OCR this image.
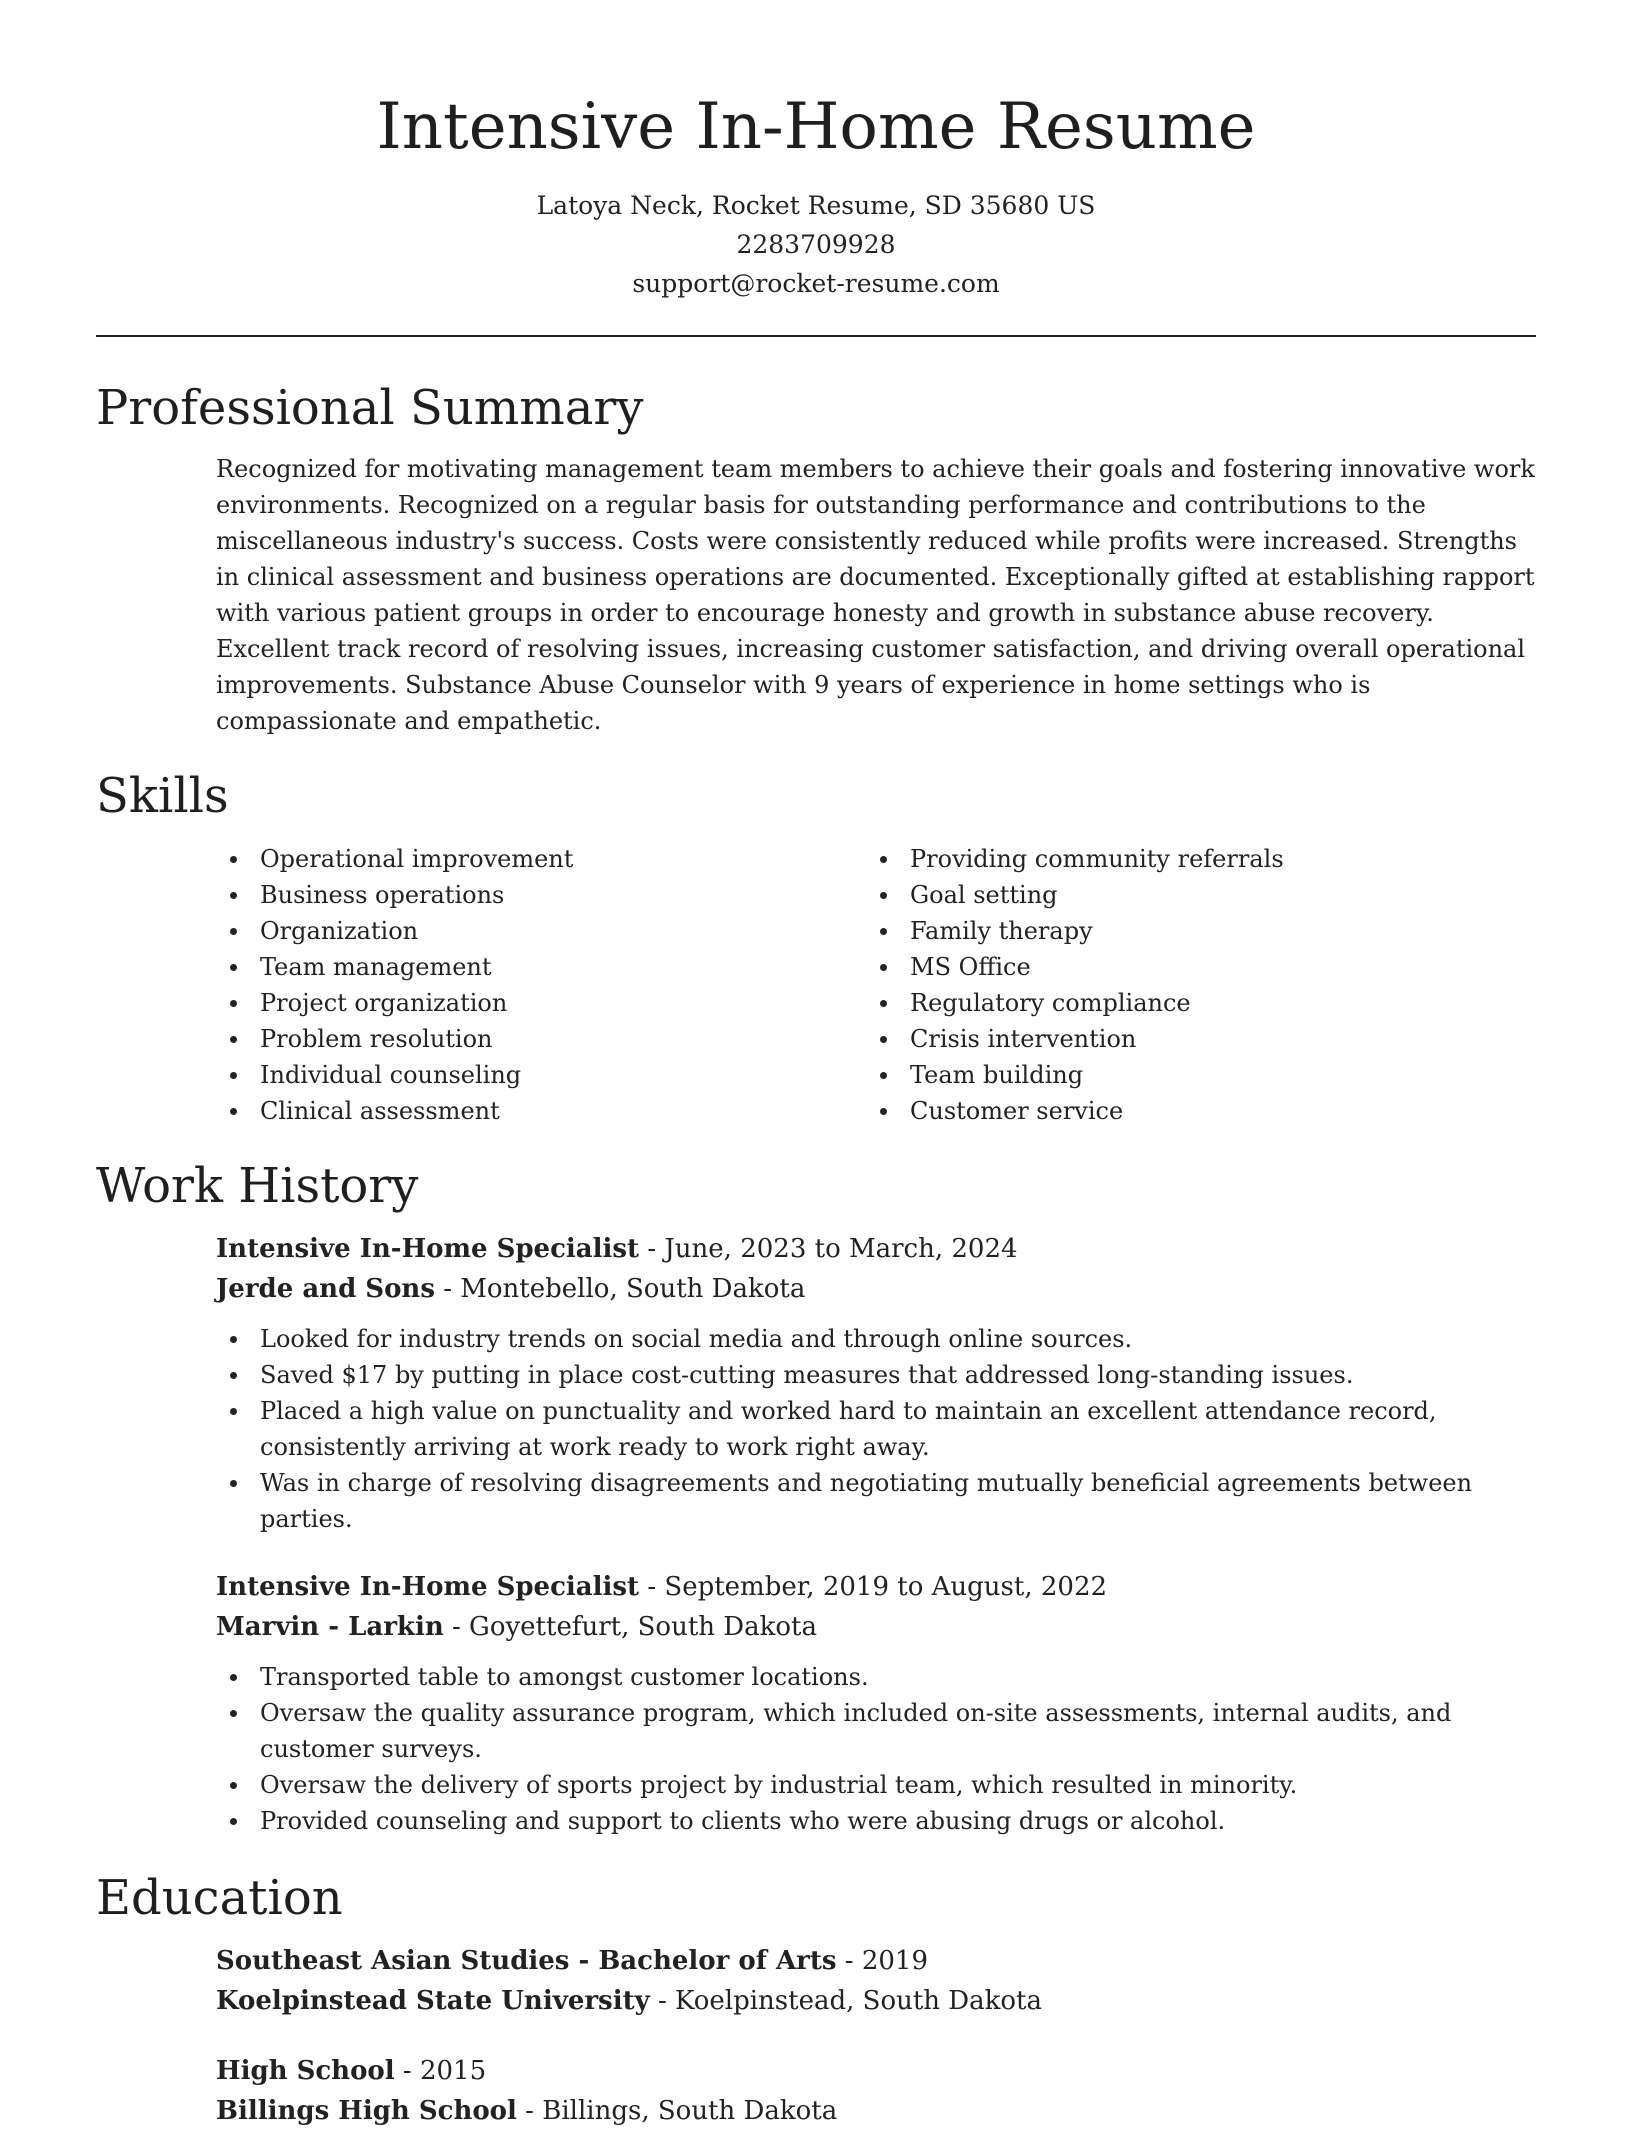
Intensive In-Home Resume
Latoya Neck, Rocket Resume, SD 35680 US
2283709928
support@rocket-resume.com
Professional Summary

Recognized for motivating management team members to achieve their goals and fostering innovative work environments. Recognized on a regular basis for outstanding performance and contributions to the miscellaneous industry's success. Costs were consistently reduced while profits were increased. Strengths in clinical assessment and business operations are documented. Exceptionally gifted at establishing rapport with various patient groups in order to encourage honesty and growth in substance abuse recovery. Excellent track record of resolving issues, increasing customer satisfaction, and driving overall operational improvements. Substance Abuse Counselor with 9 years of experience in home settings who is compassionate and empathetic.

Skills
Operational improvement
Business operations
Organization
Team management
Project organization
Problem resolution
Individual counseling
Clinical assessment
Providing community referrals
Goal setting
Family therapy
MS Office
Regulatory compliance
Crisis intervention
Team building
Customer service
Work History
Intensive In-Home Specialist - June, 2023 to March, 2024
Jerde and Sons - Montebello, South Dakota
Looked for industry trends on social media and through online sources.
Saved $17 by putting in place cost-cutting measures that addressed long-standing issues.
Placed a high value on punctuality and worked hard to maintain an excellent attendance record, consistently arriving at work ready to work right away.
Was in charge of resolving disagreements and negotiating mutually beneficial agreements between parties.
Intensive In-Home Specialist - September, 2019 to August, 2022
Marvin - Larkin - Goyettefurt, South Dakota
Transported table to amongst customer locations.
Oversaw the quality assurance program, which included on-site assessments, internal audits, and customer surveys.
Oversaw the delivery of sports project by industrial team, which resulted in minority.
Provided counseling and support to clients who were abusing drugs or alcohol.
Education
Southeast Asian Studies - Bachelor of Arts - 2019
Koelpinstead State University - Koelpinstead, South Dakota
High School - 2015
Billings High School - Billings, South Dakota
